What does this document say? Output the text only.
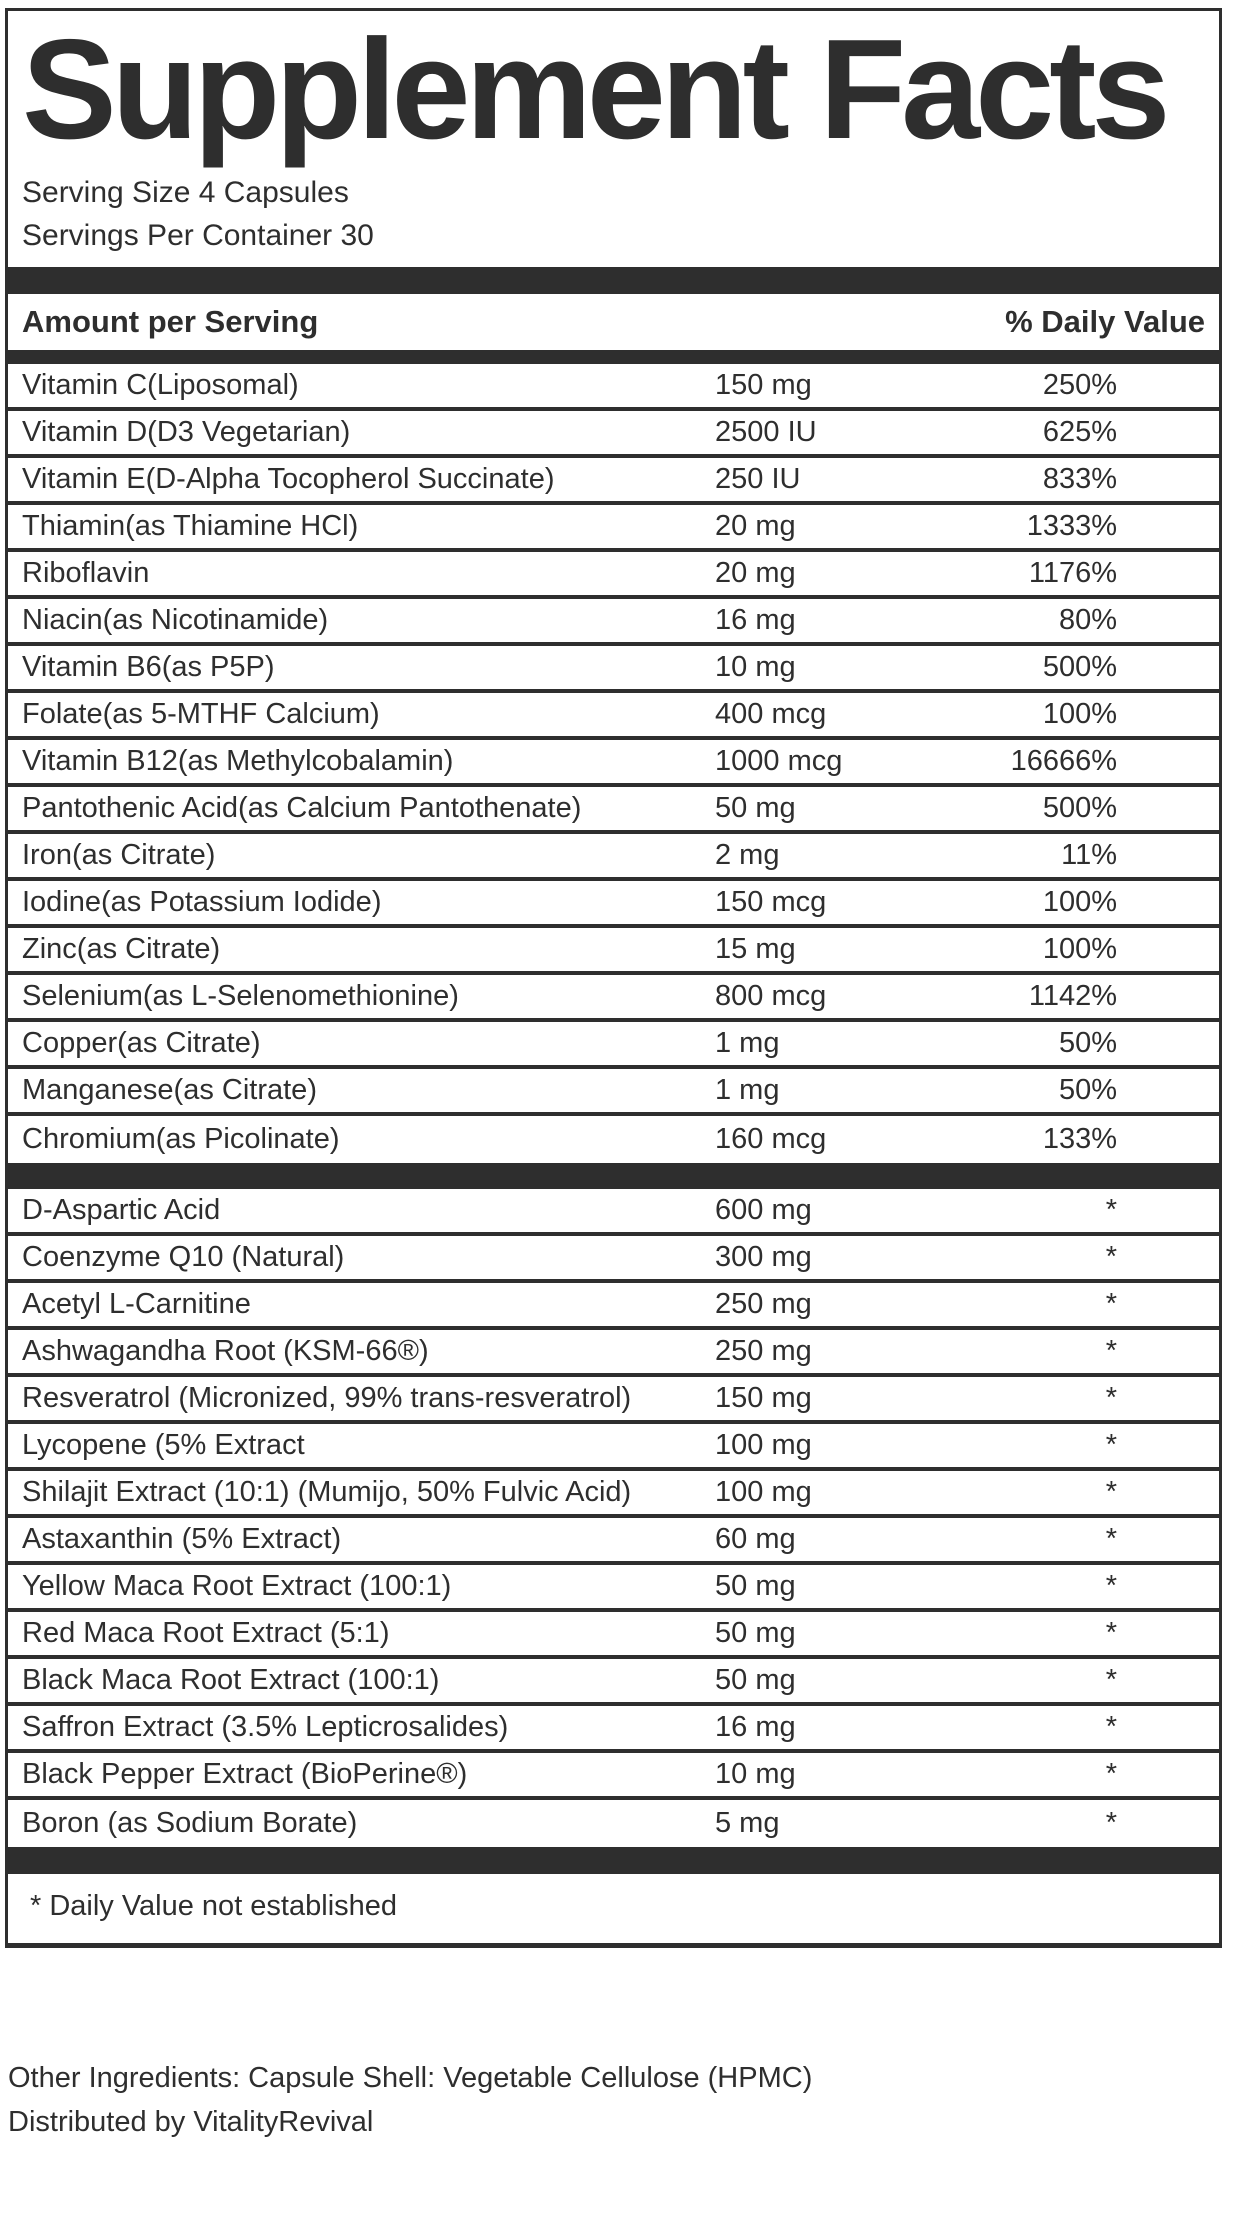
Supplement Facts
Serving Size 4 Capsules
Servings Per Container 30
Amount per Serving	% Daily Value
Vitamin C(Liposomal)	150 mg	250%
Vitamin D(D3 Vegetarian)	2500 IU	625%
Vitamin E(D-Alpha Tocopherol Succinate)	250 IU	833%
Thiamin(as Thiamine HCl)	20 mg	1333%
Riboflavin	20 mg	1176%
Niacin(as Nicotinamide)	16 mg	80%
Vitamin B6(as P5P)	10 mg	500%
Folate(as 5-MTHF Calcium)	400 mcg	100%
Vitamin B12(as Methylcobalamin)	1000 mcg	16666%
Pantothenic Acid(as Calcium Pantothenate)	50 mg	500%
Iron(as Citrate)	2 mg	11%
Iodine(as Potassium Iodide)	150 mcg	100%
Zinc(as Citrate)	15 mg	100%
Selenium(as L-Selenomethionine)	800 mcg	1142%
Copper(as Citrate)	1 mg	50%
Manganese(as Citrate)	1 mg	50%
Chromium(as Picolinate)	160 mcg	133%
D-Aspartic Acid	600 mg	*
Coenzyme Q10 (Natural)	300 mg	*
Acetyl L-Carnitine	250 mg	*
Ashwagandha Root (KSM-66®)	250 mg	*
Resveratrol (Micronized, 99% trans-resveratrol)	150 mg	*
Lycopene (5% Extract	100 mg	*
Shilajit Extract (10:1) (Mumijo, 50% Fulvic Acid)	100 mg	*
Astaxanthin (5% Extract)	60 mg	*
Yellow Maca Root Extract (100:1)	50 mg	*
Red Maca Root Extract (5:1)	50 mg	*
Black Maca Root Extract (100:1)	50 mg	*
Saffron Extract (3.5% Lepticrosalides)	16 mg	*
Black Pepper Extract (BioPerine®)	10 mg	*
Boron (as Sodium Borate)	5 mg	*
* Daily Value not established
Other Ingredients: Capsule Shell: Vegetable Cellulose (HPMC)
Distributed by VitalityRevival
